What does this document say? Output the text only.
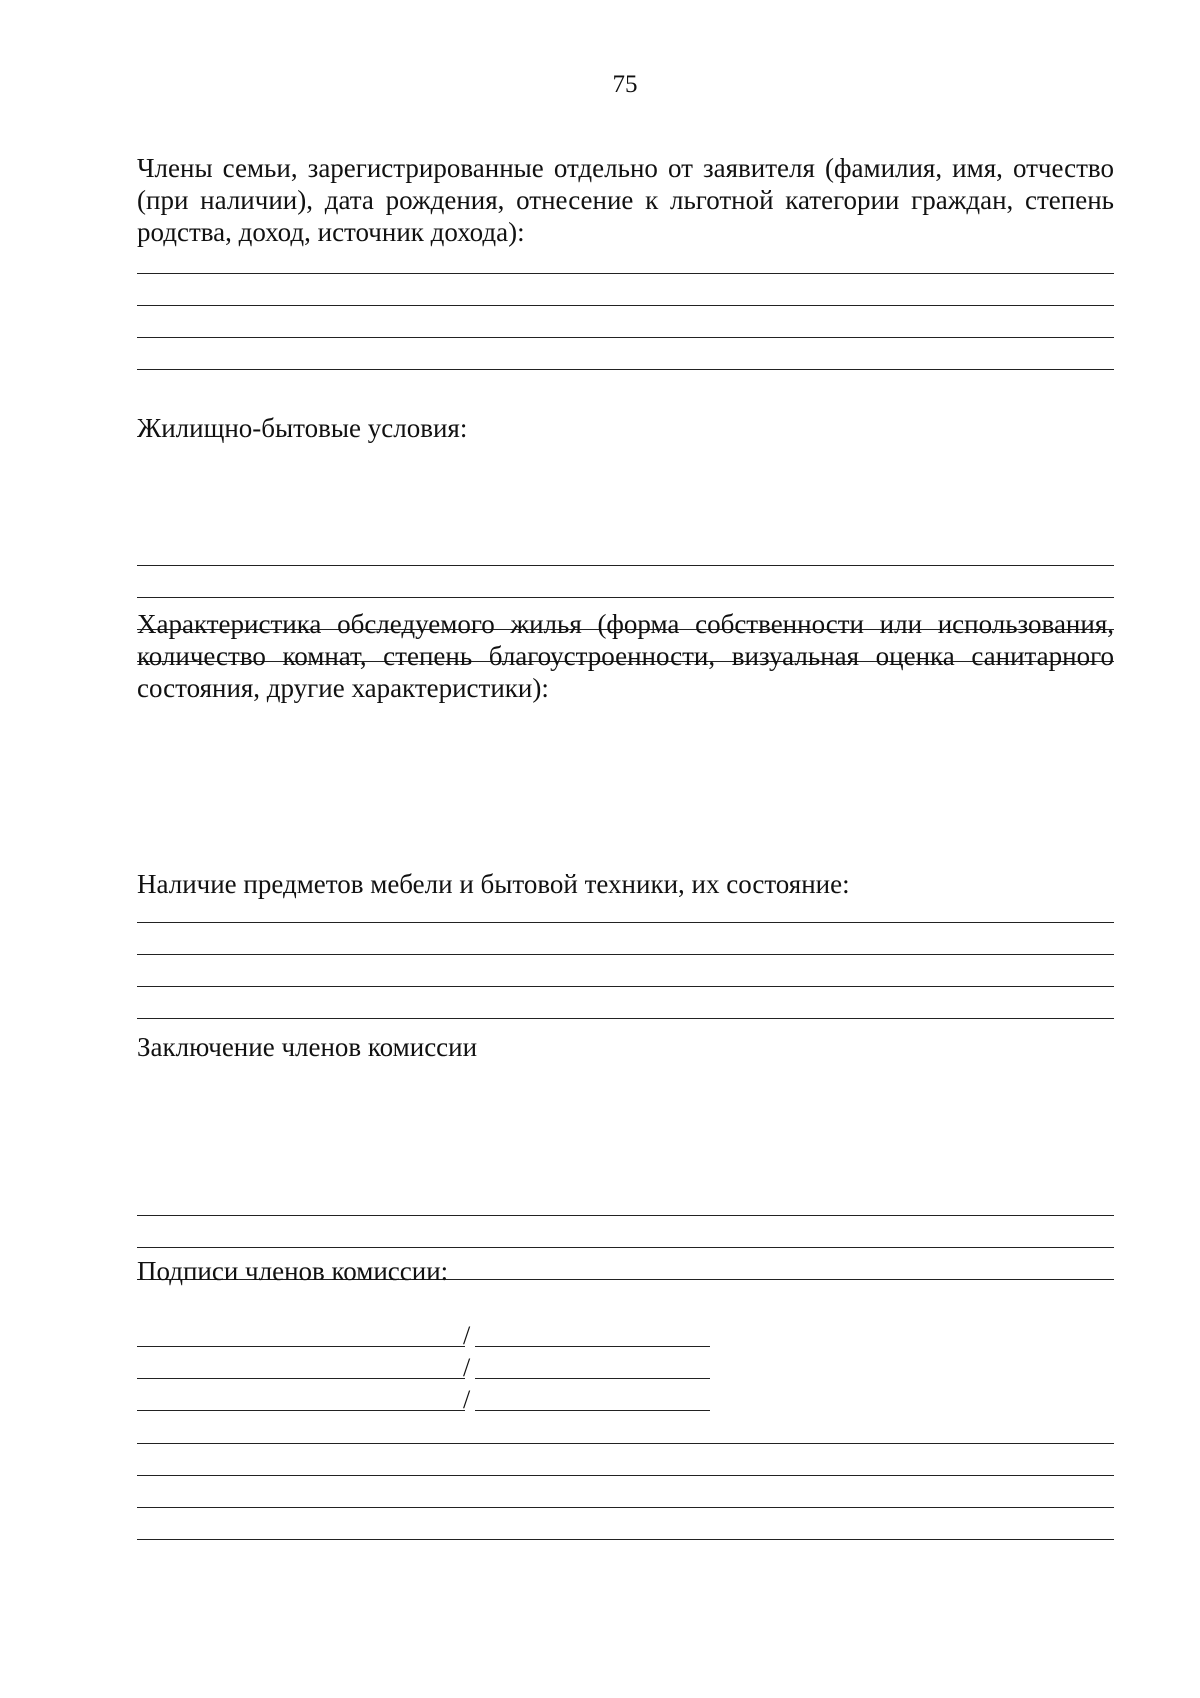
75

Члены семьи, зарегистрированные отдельно от заявителя (фамилия, имя, отчество (при наличии), дата рождения, отнесение к льготной категории граждан, степень родства, доход, источник дохода):

Жилищно-бытовые условия:

Характеристика обследуемого жилья (форма собственности или использования, количество комнат, степень благоустроенности, визуальная оценка санитарного состояния, другие характеристики):

Наличие предметов мебели и бытовой техники, их состояние:

Заключение членов комиссии

Подписи членов комиссии:

/
/
/
